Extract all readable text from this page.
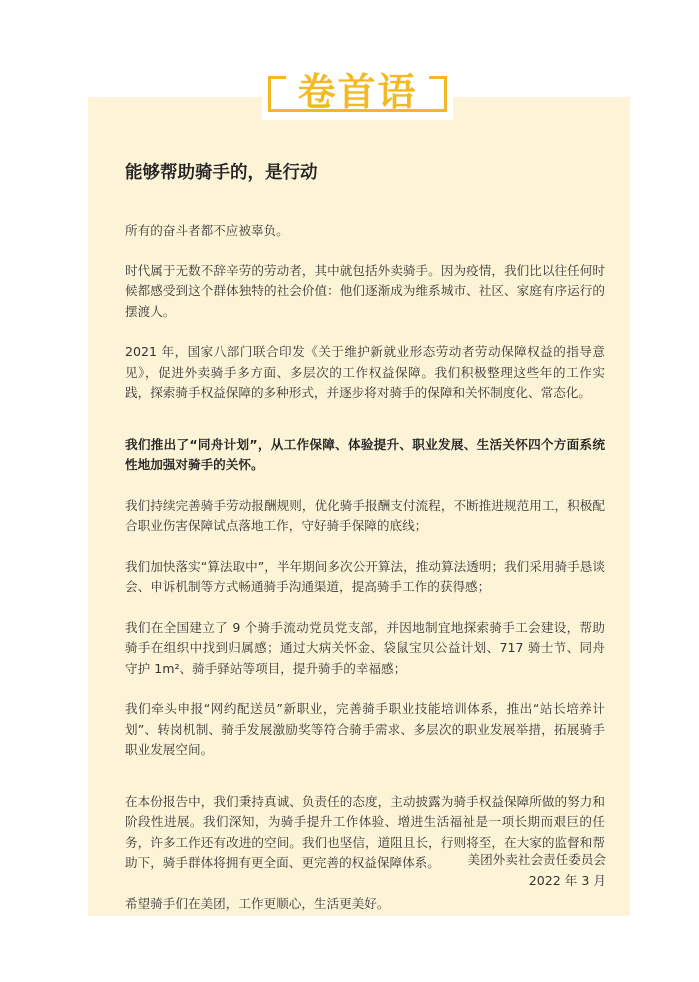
卷首语
能够帮助骑手的，是行动

所有的奋斗者都不应被辜负。

时代属于无数不辞辛劳的劳动者，其中就包括外卖骑手。因为疫情，我们比以往任何时候都感受到这个群体独特的社会价值：他们逐渐成为维系城市、社区、家庭有序运行的摆渡人。

2021 年，国家八部门联合印发《关于维护新就业形态劳动者劳动保障权益的指导意见》，促进外卖骑手多方面、多层次的工作权益保障。我们积极整理这些年的工作实践，探索骑手权益保障的多种形式，并逐步将对骑手的保障和关怀制度化、常态化。

我们推出了“同舟计划”，从工作保障、体验提升、职业发展、生活关怀四个方面系统性地加强对骑手的关怀。

我们持续完善骑手劳动报酬规则，优化骑手报酬支付流程，不断推进规范用工，积极配合职业伤害保障试点落地工作，守好骑手保障的底线；

我们加快落实“算法取中”，半年期间多次公开算法，推动算法透明；我们采用骑手恳谈会、申诉机制等方式畅通骑手沟通渠道，提高骑手工作的获得感；

我们在全国建立了 9 个骑手流动党员党支部，并因地制宜地探索骑手工会建设，帮助骑手在组织中找到归属感；通过大病关怀金、袋鼠宝贝公益计划、717 骑士节、同舟守护 1m²、骑手驿站等项目，提升骑手的幸福感；

我们牵头申报“网约配送员”新职业，完善骑手职业技能培训体系，推出“站长培养计划”、转岗机制、骑手发展激励奖等符合骑手需求、多层次的职业发展举措，拓展骑手职业发展空间。

在本份报告中，我们秉持真诚、负责任的态度，主动披露为骑手权益保障所做的努力和阶段性进展。我们深知，为骑手提升工作体验、增进生活福祉是一项长期而艰巨的任务，许多工作还有改进的空间。我们也坚信，道阻且长，行则将至，在大家的监督和帮助下，骑手群体将拥有更全面、更完善的权益保障体系。

希望骑手们在美团，工作更顺心，生活更美好。

美团外卖社会责任委员会
2022 年 3 月
